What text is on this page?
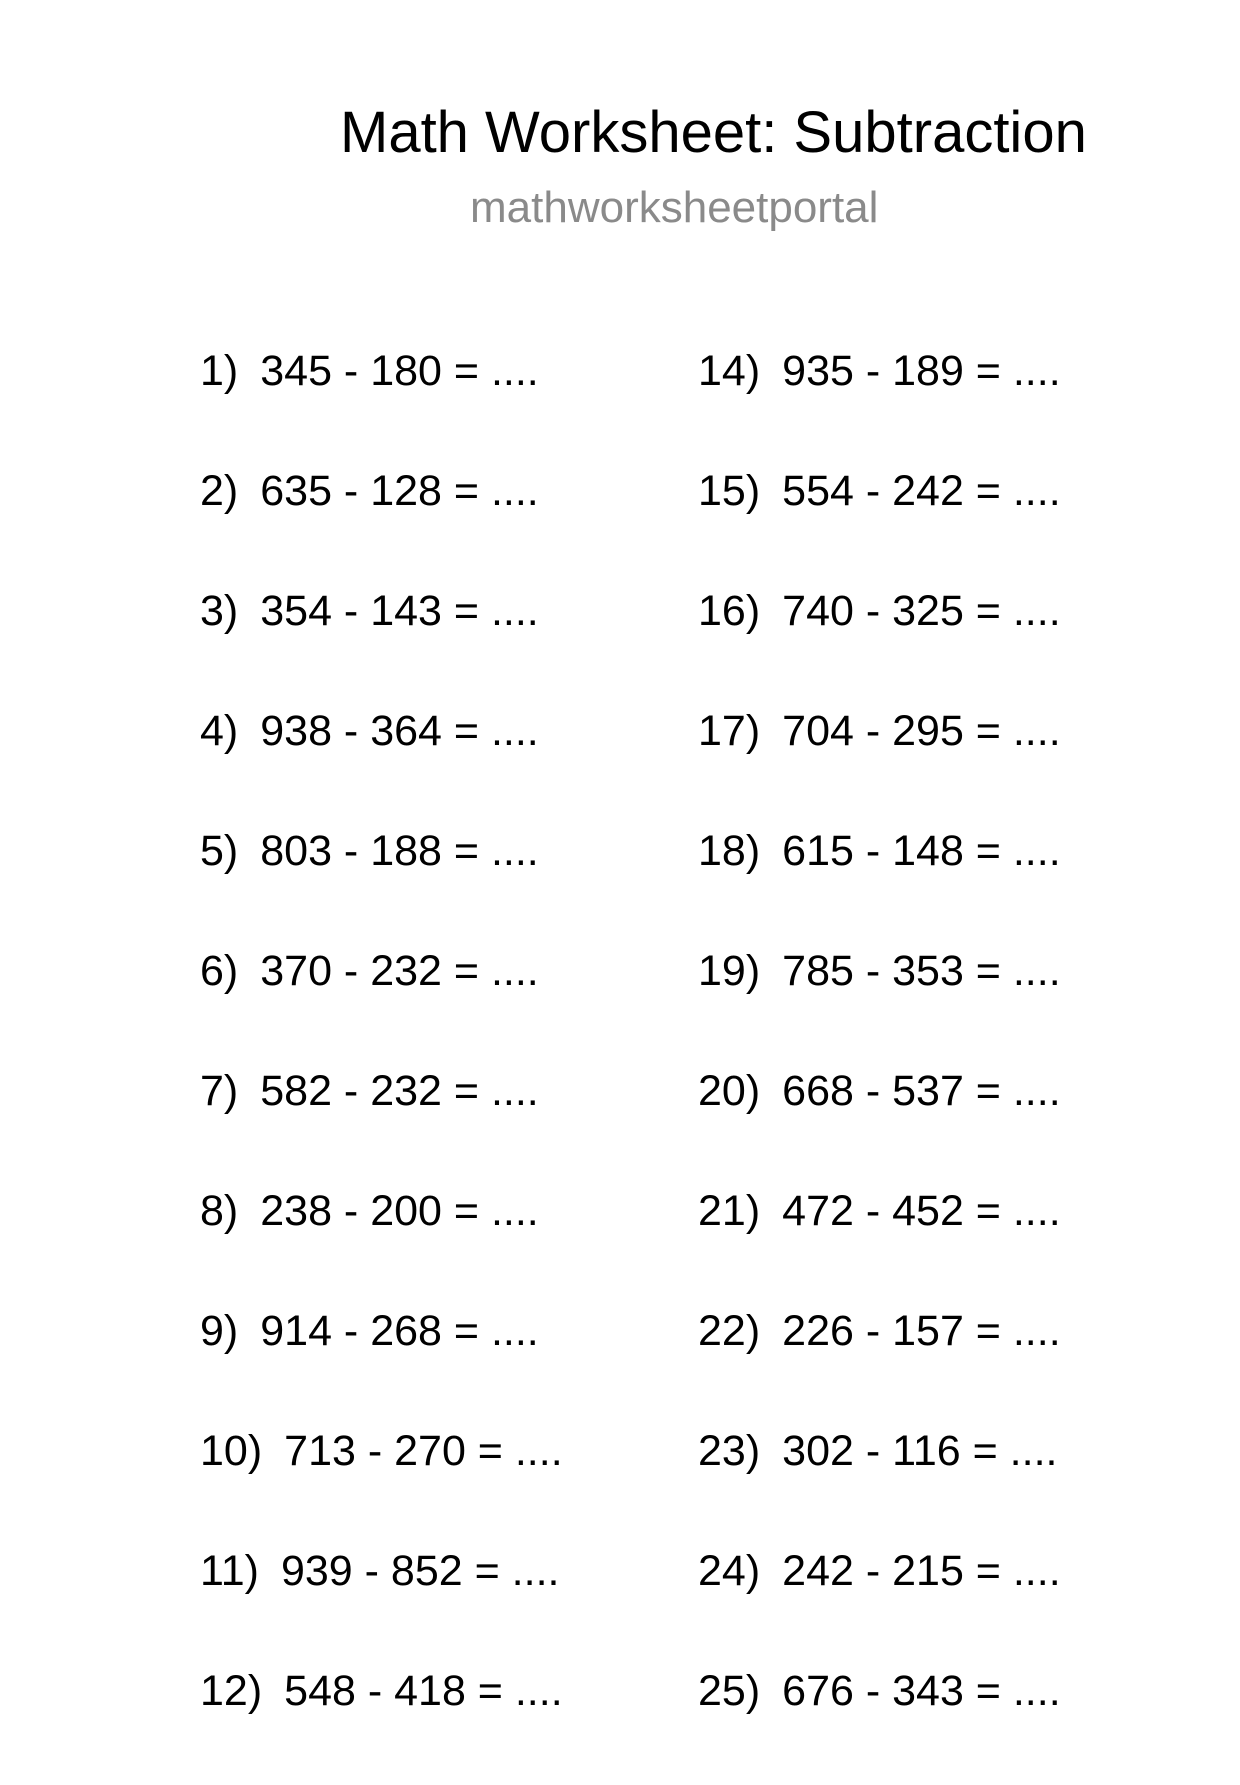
Math Worksheet: Subtraction
mathworksheetportal
1) 345 - 180 = ....
2) 635 - 128 = ....
3) 354 - 143 = ....
4) 938 - 364 = ....
5) 803 - 188 = ....
6) 370 - 232 = ....
7) 582 - 232 = ....
8) 238 - 200 = ....
9) 914 - 268 = ....
10) 713 - 270 = ....
11) 939 - 852 = ....
12) 548 - 418 = ....
14) 935 - 189 = ....
15) 554 - 242 = ....
16) 740 - 325 = ....
17) 704 - 295 = ....
18) 615 - 148 = ....
19) 785 - 353 = ....
20) 668 - 537 = ....
21) 472 - 452 = ....
22) 226 - 157 = ....
23) 302 - 116 = ....
24) 242 - 215 = ....
25) 676 - 343 = ....
